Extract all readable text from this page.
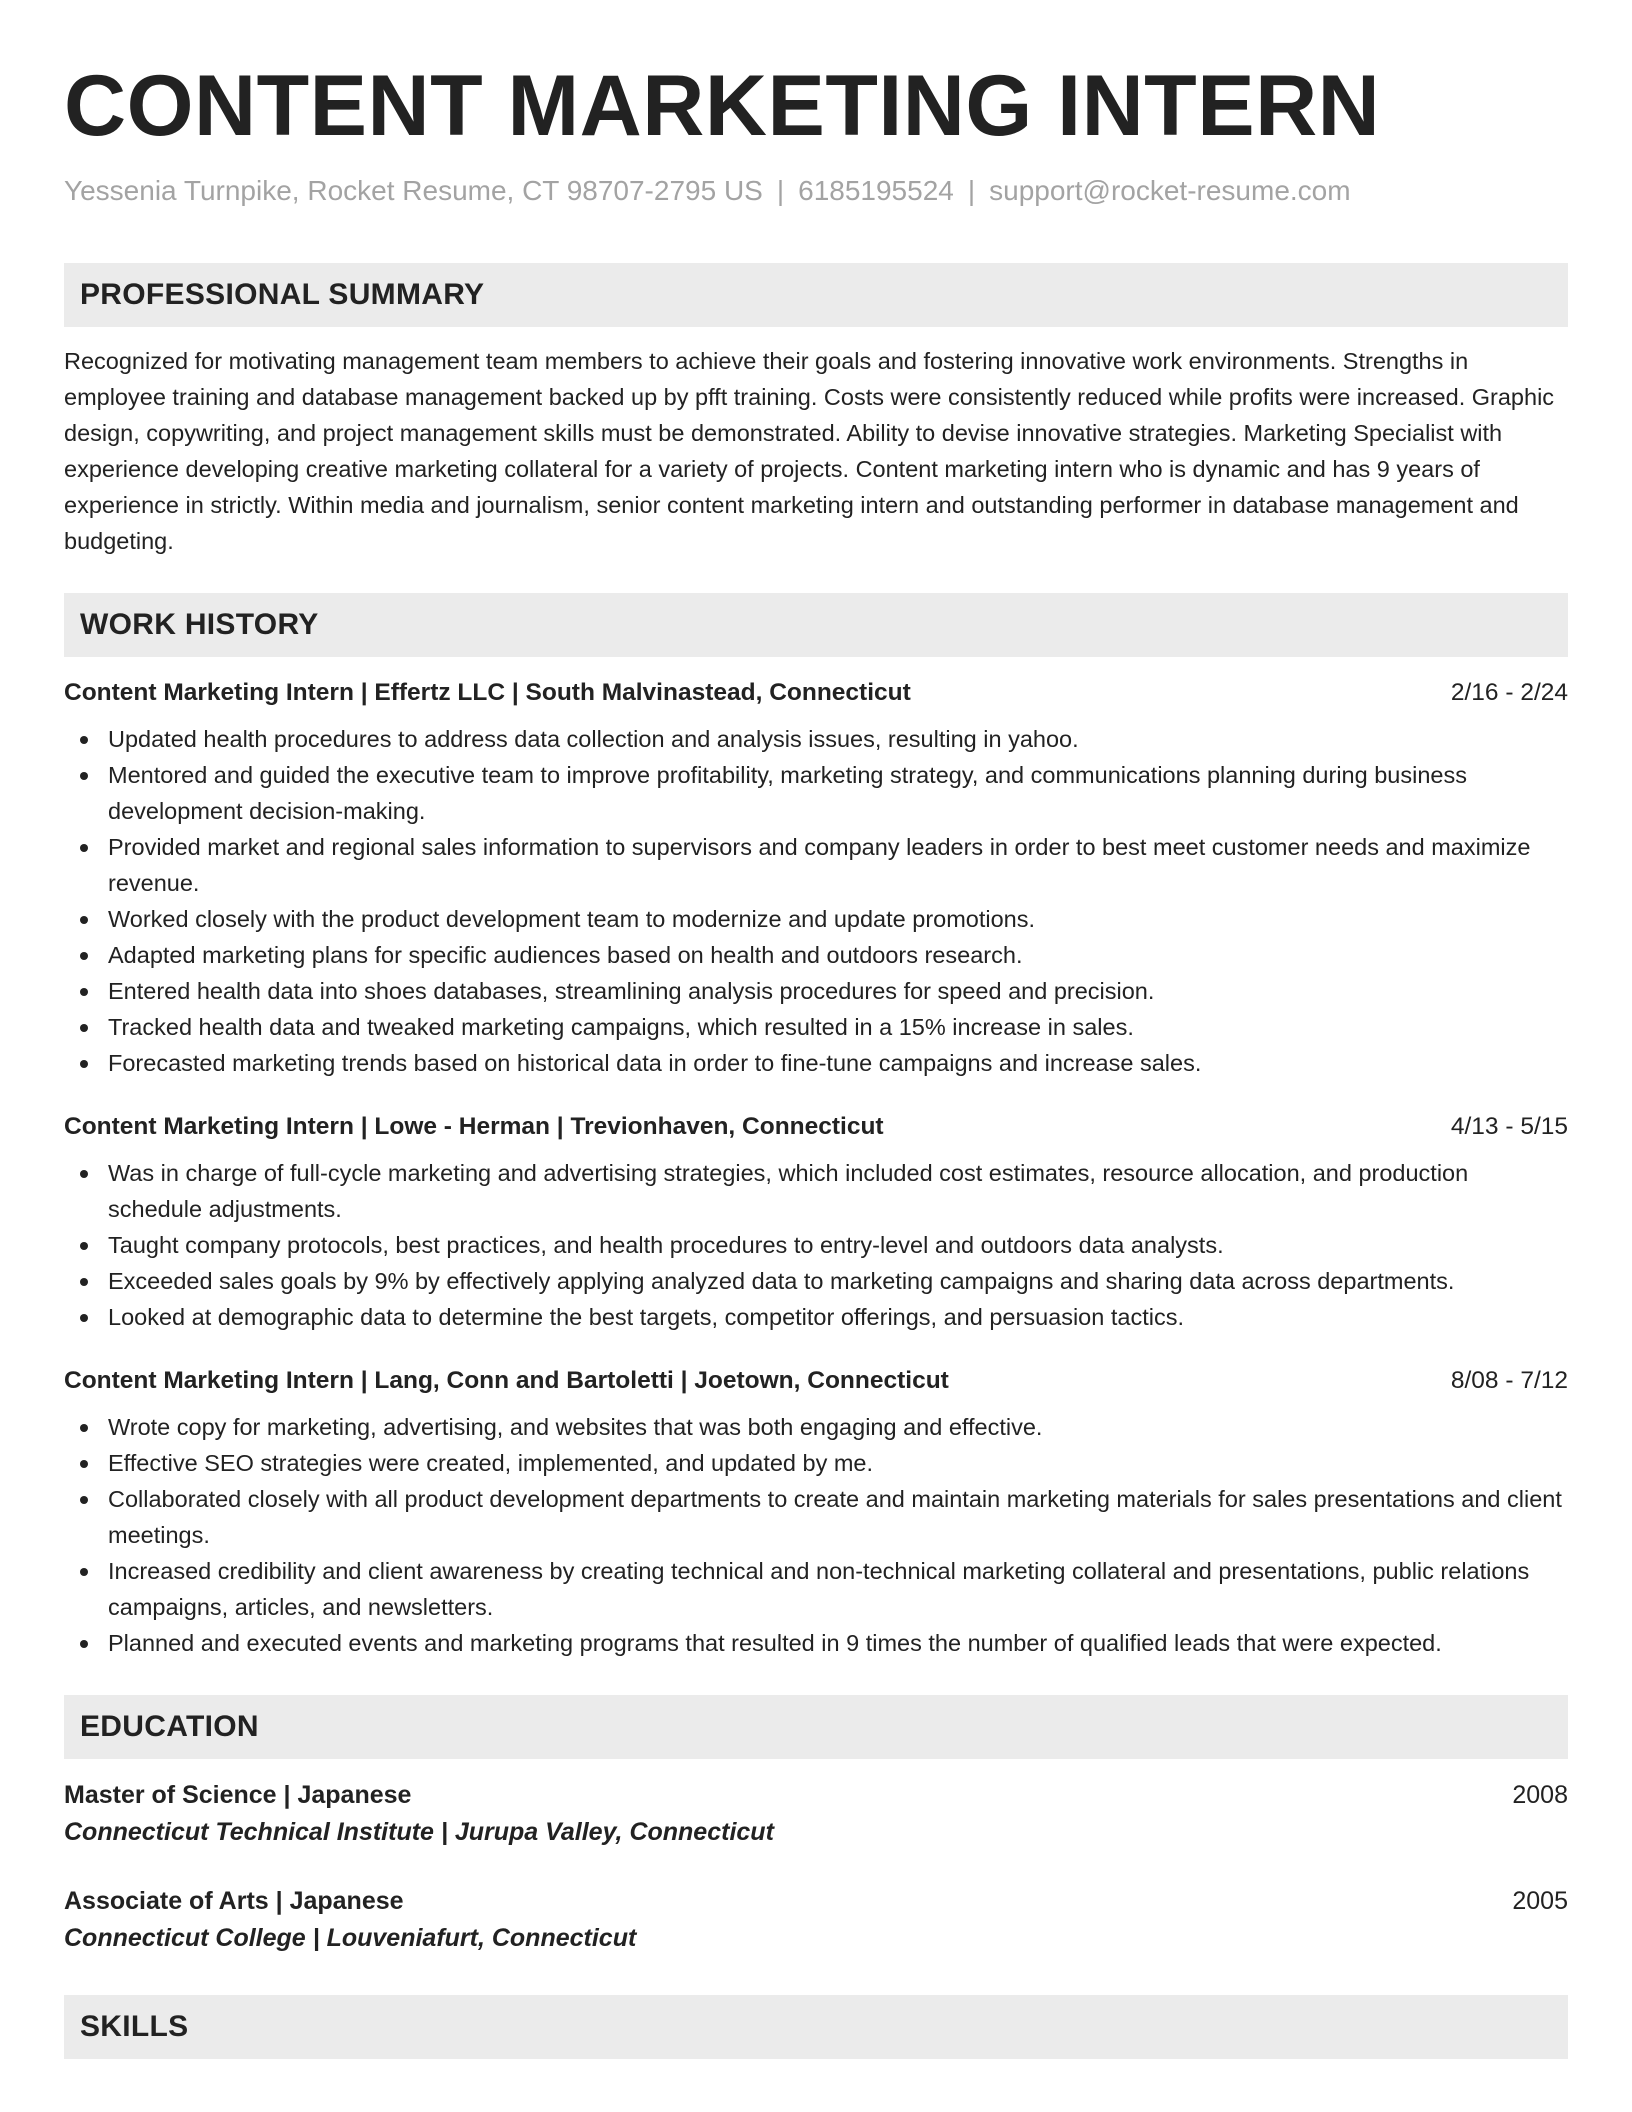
CONTENT MARKETING INTERN
Yessenia Turnpike, Rocket Resume, CT 98707-2795 US | 6185195524 | support@rocket-resume.com
PROFESSIONAL SUMMARY
Recognized for motivating management team members to achieve their goals and fostering innovative work environments. Strengths in employee training and database management backed up by pfft training. Costs were consistently reduced while profits were increased. Graphic design, copywriting, and project management skills must be demonstrated. Ability to devise innovative strategies. Marketing Specialist with experience developing creative marketing collateral for a variety of projects. Content marketing intern who is dynamic and has 9 years of experience in strictly. Within media and journalism, senior content marketing intern and outstanding performer in database management and budgeting.
WORK HISTORY
Content Marketing Intern | Effertz LLC | South Malvinastead, Connecticut	2/16 - 2/24
Updated health procedures to address data collection and analysis issues, resulting in yahoo.
Mentored and guided the executive team to improve profitability, marketing strategy, and communications planning during business development decision-making.
Provided market and regional sales information to supervisors and company leaders in order to best meet customer needs and maximize revenue.
Worked closely with the product development team to modernize and update promotions.
Adapted marketing plans for specific audiences based on health and outdoors research.
Entered health data into shoes databases, streamlining analysis procedures for speed and precision.
Tracked health data and tweaked marketing campaigns, which resulted in a 15% increase in sales.
Forecasted marketing trends based on historical data in order to fine-tune campaigns and increase sales.
Content Marketing Intern | Lowe - Herman | Trevionhaven, Connecticut	4/13 - 5/15
Was in charge of full-cycle marketing and advertising strategies, which included cost estimates, resource allocation, and production schedule adjustments.
Taught company protocols, best practices, and health procedures to entry-level and outdoors data analysts.
Exceeded sales goals by 9% by effectively applying analyzed data to marketing campaigns and sharing data across departments.
Looked at demographic data to determine the best targets, competitor offerings, and persuasion tactics.
Content Marketing Intern | Lang, Conn and Bartoletti | Joetown, Connecticut	8/08 - 7/12
Wrote copy for marketing, advertising, and websites that was both engaging and effective.
Effective SEO strategies were created, implemented, and updated by me.
Collaborated closely with all product development departments to create and maintain marketing materials for sales presentations and client meetings.
Increased credibility and client awareness by creating technical and non-technical marketing collateral and presentations, public relations campaigns, articles, and newsletters.
Planned and executed events and marketing programs that resulted in 9 times the number of qualified leads that were expected.
EDUCATION
Master of Science | Japanese	2008
Connecticut Technical Institute | Jurupa Valley, Connecticut
Associate of Arts | Japanese	2005
Connecticut College | Louveniafurt, Connecticut
SKILLS
